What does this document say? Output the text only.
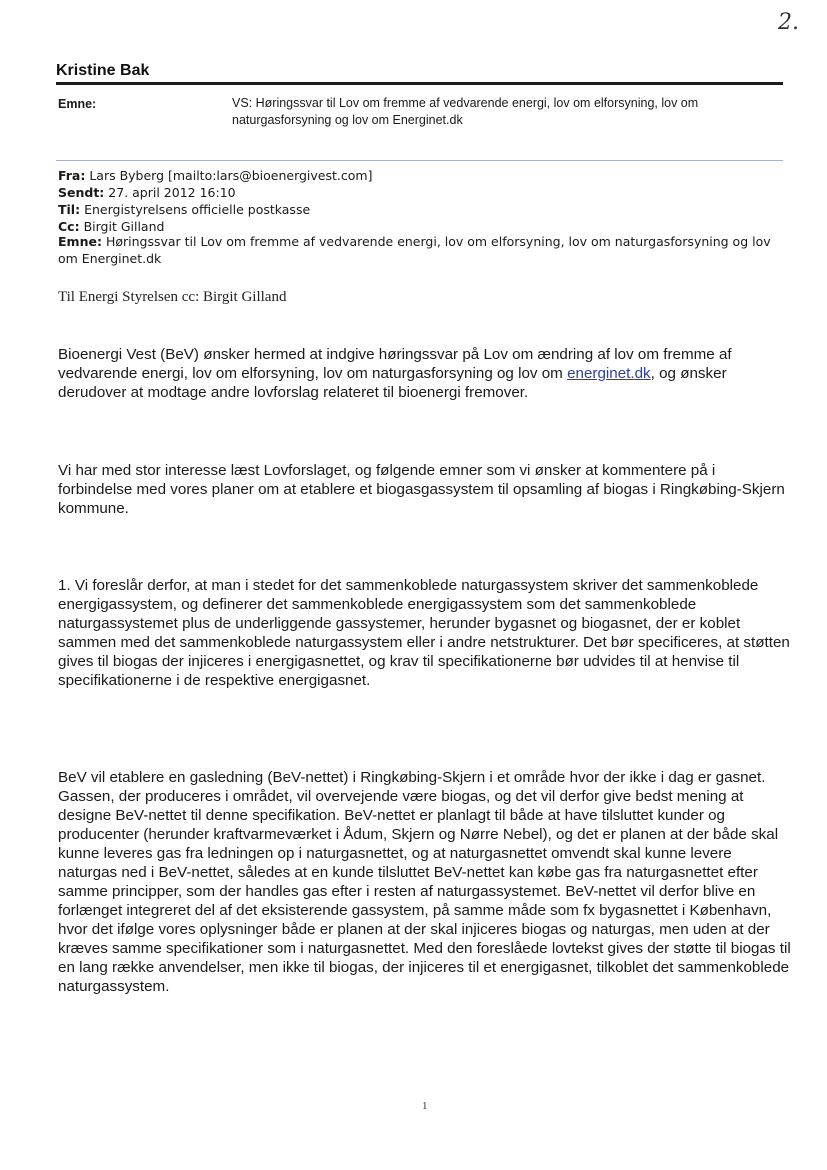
2.
Kristine Bak
Emne:	VS: Høringssvar til Lov om fremme af vedvarende energi, lov om elforsyning, lov om naturgasforsyning og lov om Energinet.dk
Fra: Lars Byberg [mailto:lars@bioenergivest.com]
Sendt: 27. april 2012 16:10
Til: Energistyrelsens officielle postkasse
Cc: Birgit Gilland
Emne: Høringssvar til Lov om fremme af vedvarende energi, lov om elforsyning, lov om naturgasforsyning og lov om Energinet.dk
Til Energi Styrelsen cc: Birgit Gilland
Bioenergi Vest (BeV) ønsker hermed at indgive høringssvar på Lov om ændring af lov om fremme af vedvarende energi, lov om elforsyning, lov om naturgasforsyning og lov om energinet.dk, og ønsker derudover at modtage andre lovforslag relateret til bioenergi fremover.
Vi har med stor interesse læst Lovforslaget, og følgende emner som vi ønsker at kommentere på i forbindelse med vores planer om at etablere et biogasgassystem til opsamling af biogas i Ringkøbing-Skjern kommune.
1. Vi foreslår derfor, at man i stedet for det sammenkoblede naturgassystem skriver det sammenkoblede energigassystem, og definerer det sammenkoblede energigassystem som det sammenkoblede naturgassystemet plus de underliggende gassystemer, herunder bygasnet og biogasnet, der er koblet sammen med det sammenkoblede naturgassystem eller i andre netstrukturer. Det bør specificeres, at støtten gives til biogas der injiceres i energigasnettet, og krav til specifikationerne bør udvides til at henvise til specifikationerne i de respektive energigasnet.
BeV vil etablere en gasledning (BeV-nettet) i Ringkøbing-Skjern i et område hvor der ikke i dag er gasnet. Gassen, der produceres i området, vil overvejende være biogas, og det vil derfor give bedst mening at designe BeV-nettet til denne specifikation. BeV-nettet er planlagt til både at have tilsluttet kunder og producenter (herunder kraftvarmeværket i Ådum, Skjern og Nørre Nebel), og det er planen at der både skal kunne leveres gas fra ledningen op i naturgasnettet, og at naturgasnettet omvendt skal kunne levere naturgas ned i BeV-nettet, således at en kunde tilsluttet BeV-nettet kan købe gas fra naturgasnettet efter samme principper, som der handles gas efter i resten af naturgassystemet. BeV-nettet vil derfor blive en forlænget integreret del af det eksisterende gassystem, på samme måde som fx bygasnettet i København, hvor det ifølge vores oplysninger både er planen at der skal injiceres biogas og naturgas, men uden at der kræves samme specifikationer som i naturgasnettet. Med den foreslåede lovtekst gives der støtte til biogas til en lang række anvendelser, men ikke til biogas, der injiceres til et energigasnet, tilkoblet det sammenkoblede naturgassystem.
1
